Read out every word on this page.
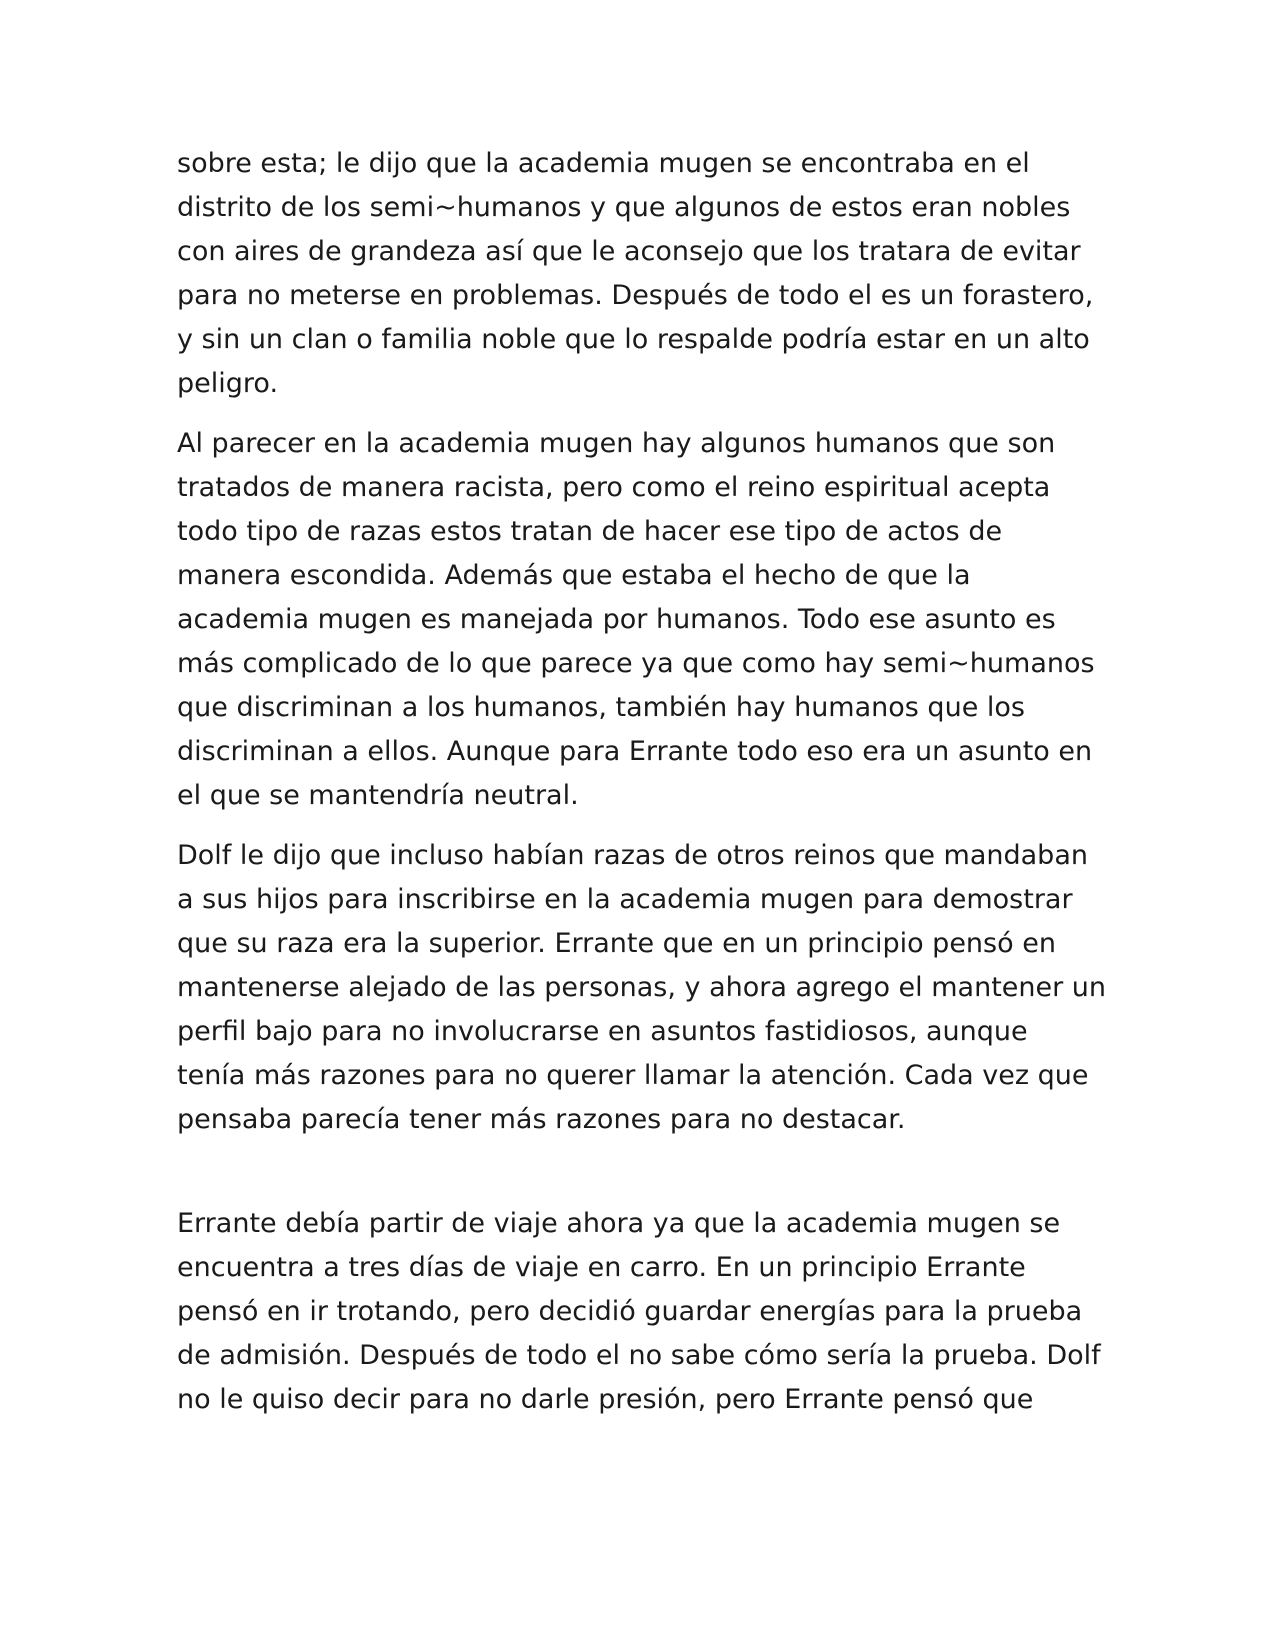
sobre esta; le dijo que la academia mugen se encontraba en el
distrito de los semi~humanos y que algunos de estos eran nobles
con aires de grandeza así que le aconsejo que los tratara de evitar
para no meterse en problemas. Después de todo el es un forastero,
y sin un clan o familia noble que lo respalde podría estar en un alto
peligro.

Al parecer en la academia mugen hay algunos humanos que son
tratados de manera racista, pero como el reino espiritual acepta
todo tipo de razas estos tratan de hacer ese tipo de actos de
manera escondida. Además que estaba el hecho de que la
academia mugen es manejada por humanos. Todo ese asunto es
más complicado de lo que parece ya que como hay semi~humanos
que discriminan a los humanos, también hay humanos que los
discriminan a ellos. Aunque para Errante todo eso era un asunto en
el que se mantendría neutral.

Dolf le dijo que incluso habían razas de otros reinos que mandaban
a sus hijos para inscribirse en la academia mugen para demostrar
que su raza era la superior. Errante que en un principio pensó en
mantenerse alejado de las personas, y ahora agrego el mantener un
perfil bajo para no involucrarse en asuntos fastidiosos, aunque
tenía más razones para no querer llamar la atención. Cada vez que
pensaba parecía tener más razones para no destacar.

Errante debía partir de viaje ahora ya que la academia mugen se
encuentra a tres días de viaje en carro. En un principio Errante
pensó en ir trotando, pero decidió guardar energías para la prueba
de admisión. Después de todo el no sabe cómo sería la prueba. Dolf
no le quiso decir para no darle presión, pero Errante pensó que
